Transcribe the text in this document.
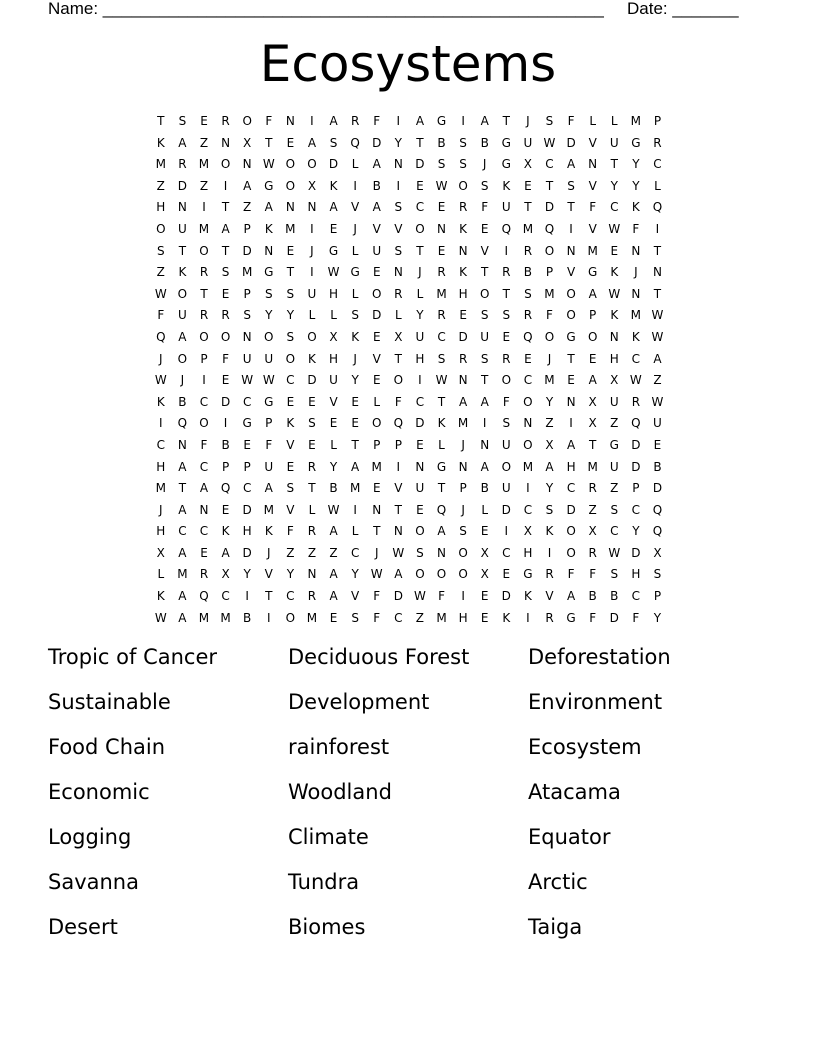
Name: _____________________________________________________ Date: _______
Ecosystems
T	S	E	R	O	F	N	I	A	R	F	I	A	G	I	A	T	J	S	F	L	L	M	P
K	A	Z	N	X	T	E	A	S	Q	D	Y	T	B	S	B	G	U W D	V	U	G	R
M	R	M O	N W O	O	D	L	A	N	D	S	S	J	G	X	C	A	N	T	Y	C
Z	D	Z	I	A	G	O	X	K	I	B	I	E W O	S	K	E	T	S	V	Y	Y	L
H	N	I	T	Z	A	N	N	A	V	A	S	C	E	R	F	U	T	D	T	F	C	K	Q
O	U	M	A	P	K	M	I	E	J	V	V	O	N	K	E	Q M Q	I	V W	F	I
S	T	O	T	D	N	E	J	G	L	U	S	T	E	N	V	I	R	O	N M	E	N	T
Z	K	R	S	M G	T	I	W G	E	N	J	R	K	T	R	B	P	V	G	K	J	N
W O	T	E	P	S	S	U	H	L	O	R	L	M H	O	T	S	M O	A W N	T
F	U	R	R	S	Y	Y	L	L	S	D	L	Y	R	E	S	S	R	F	O	P	K	M W
Q	A	O	O	N	O	S	O	X	K	E	X	U	C	D	U	E	Q	O	G	O	N	K W
J	O	P	F	U	U	O	K	H	J	V	T	H	S	R	S	R	E	J	T	E	H	C	A
W	J	I	E W W C	D	U	Y	E	O	I	W N	T	O	C	M	E	A	X W Z
K	B	C	D	C	G	E	E	V	E	L	F	C	T	A	A	F	O	Y	N	X	U	R W
I	Q	O	I	G	P	K	S	E	E	O	Q	D	K	M	I	S	N	Z	I	X	Z	Q	U
C	N	F	B	E	F	V	E	L	T	P	P	E	L	J	N	U	O	X	A	T	G	D	E
H	A	C	P	P	U	E	R	Y	A	M	I	N	G	N	A	O M	A	H M	U	D	B
M	T	A	Q	C	A	S	T	B	M	E	V	U	T	P	B	U	I	Y	C	R	Z	P	D
J	A	N	E	D M	V	L	W	I	N	T	E	Q	J	L	D	C	S	D	Z	S	C	Q
H	C	C	K	H	K	F	R	A	L	T	N	O	A	S	E	I	X	K	O	X	C	Y	Q
X	A	E	A	D	J	Z	Z	Z	C	J	W S	N	O	X	C	H	I	O	R W D	X
L	M	R	X	Y	V	Y	N	A	Y W A	O	O	O	X	E	G	R	F	F	S	H	S
K	A	Q	C	I	T	C	R	A	V	F	D W	F	I	E	D	K	V	A	B	B	C	P
W A	M M	B	I	O M	E	S	F	C	Z	M H	E	K	I	R	G	F	D	F	Y
Tropic of Cancer	Deciduous Forest	Deforestation
Sustainable	Development	Environment
Food Chain	rainforest	Ecosystem
Economic	Woodland	Atacama
Logging	Climate	Equator
Savanna	Tundra	Arctic
Desert	Biomes	Taiga
